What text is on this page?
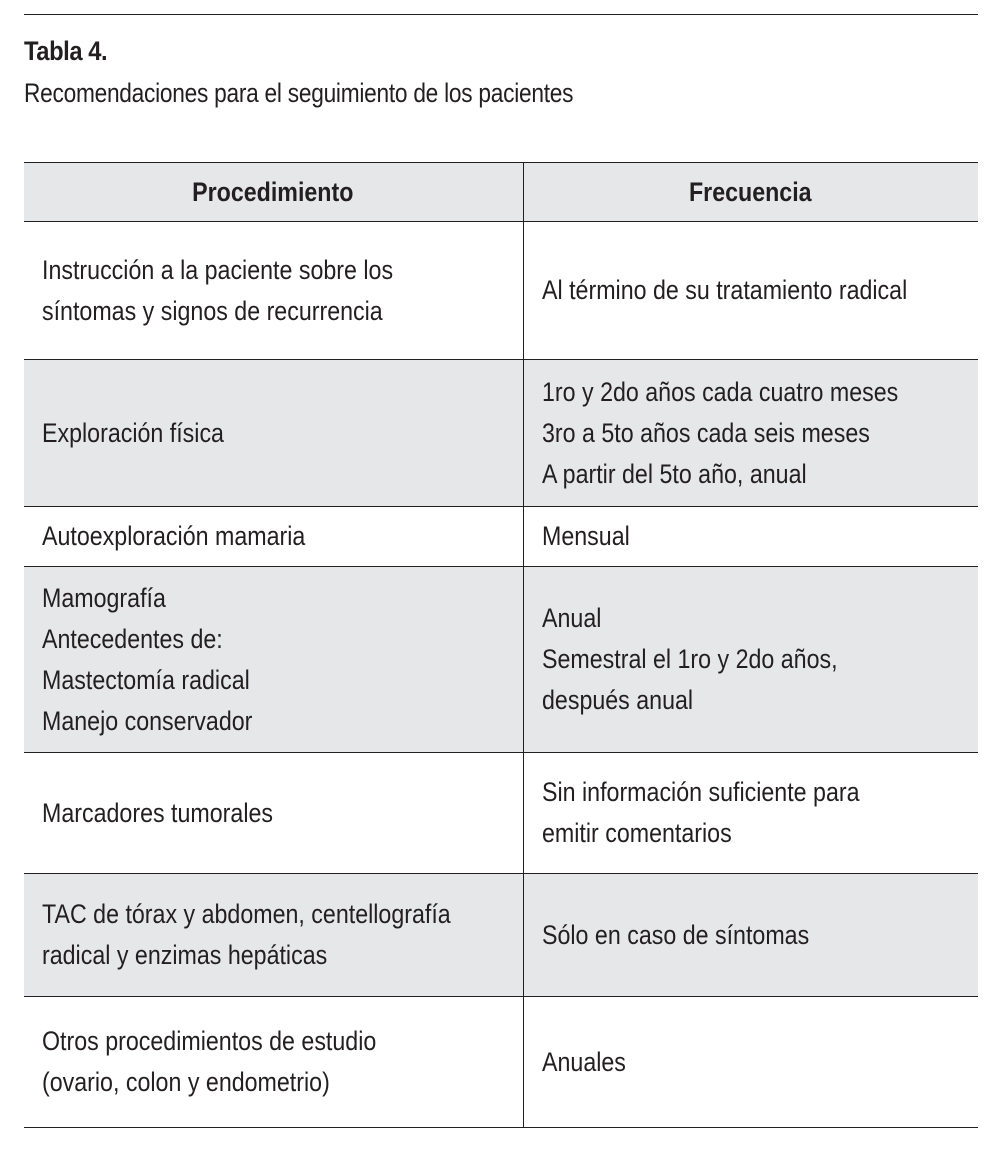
Tabla 4.
Recomendaciones para el seguimiento de los pacientes
Procedimiento	Frecuencia

Instrucción a la paciente sobre los
síntomas y signos de recurrencia	Al término de su tratamiento radical

Exploración física	1ro y 2do años cada cuatro meses
3ro a 5to años cada seis meses
A partir del 5to año, anual

Autoexploración mamaria	Mensual

Mamografía
Antecedentes de:
Mastectomía radical
Manejo conservador	Anual
Semestral el 1ro y 2do años,
después anual

Marcadores tumorales	Sin información suficiente para
emitir comentarios

TAC de tórax y abdomen, centellografía
radical y enzimas hepáticas	Sólo en caso de síntomas

Otros procedimientos de estudio
(ovario, colon y endometrio)	Anuales
